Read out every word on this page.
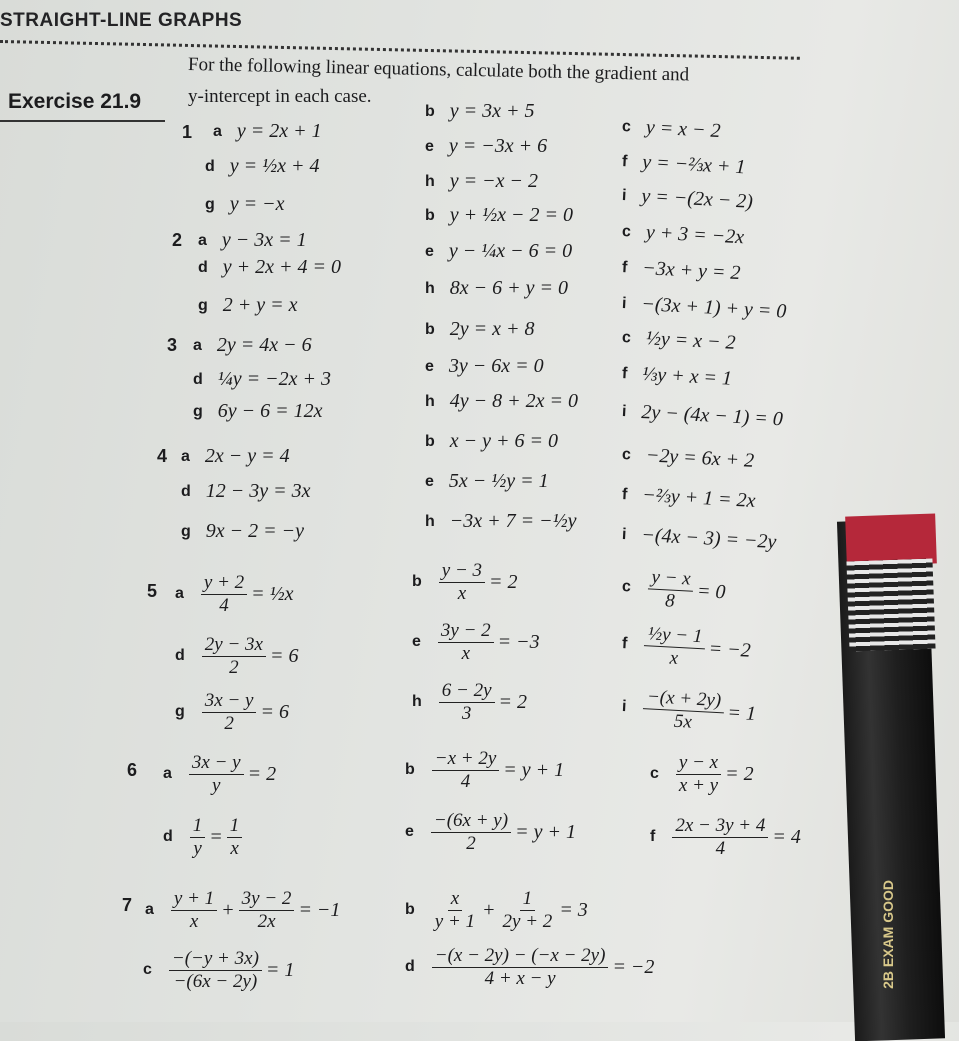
STRAIGHT-LINE GRAPHS
Exercise 21.9
For the following linear equations, calculate both the gradient and
y-intercept in each case.
1 a y = 2x + 1
b y = 3x + 5
c y = x − 2
d y = ½x + 4
e y = −3x + 6
f y = −⅔x + 1
g y = −x
h y = −x − 2
i y = −(2x − 2)
2 a y − 3x = 1
b y + ½x − 2 = 0
c y + 3 = −2x
d y + 2x + 4 = 0
e y − ¼x − 6 = 0
f −3x + y = 2
g 2 + y = x
h 8x − 6 + y = 0
i −(3x + 1) + y = 0
3 a 2y = 4x − 6
b 2y = x + 8	c ½y = x − 2
d ¼y = −2x + 3
e 3y − 6x = 0	f ⅓y + x = 1
g 6y − 6 = 12x	h 4y − 8 + 2x = 0	i 2y − (4x − 1) = 0
4 a 2x − y = 4
b x − y + 6 = 0
c −2y = 6x + 2
d 12 − 3y = 3x	e 5x − ½y = 1
f −⅔y + 1 = 2x
g 9x − 2 = −y	h −3x + 7 = −½y
i −(4x − 3) = −2y
5 a $\frac{y + 2}{4}$ = ½x
b $\frac{y - 3}{x} = 2$	c $\frac{y - x}{8} = 0$
d $\frac{2y - 3x}{2} = 6$
e $\frac{3y - 2}{x} = -3$	f $\frac{\text{½y − 1}}{x} = -2$
g $\frac{3x - y}{2} = 6$	h $\frac{6 - 2y}{3} = 2$	i $\frac{-(x + 2y)}{5x} = 1$
6 a $\frac{3x - y}{y} = 2$	b $\frac{-x + 2y}{4} = y + 1$	c $\frac{y - x}{x + y} = 2$
d $\frac{1}{y} = \frac{1}{x}$	e $\frac{-(6x + y)}{2} = y + 1$	f $\frac{2x - 3y + 4}{4} = 4$
7 a $\frac{y + 1}{x} + \frac{3y - 2}{2x} = -1$	b $\frac{x}{y + 1} + \frac{1}{2y + 2} = 3$
c $\frac{-(-y + 3x)}{-(6x - 2y)} = 1$	d $\frac{-(x - 2y) - (-x - 2y)}{4 + x - y} = -2$	2B EXAM GOOD
